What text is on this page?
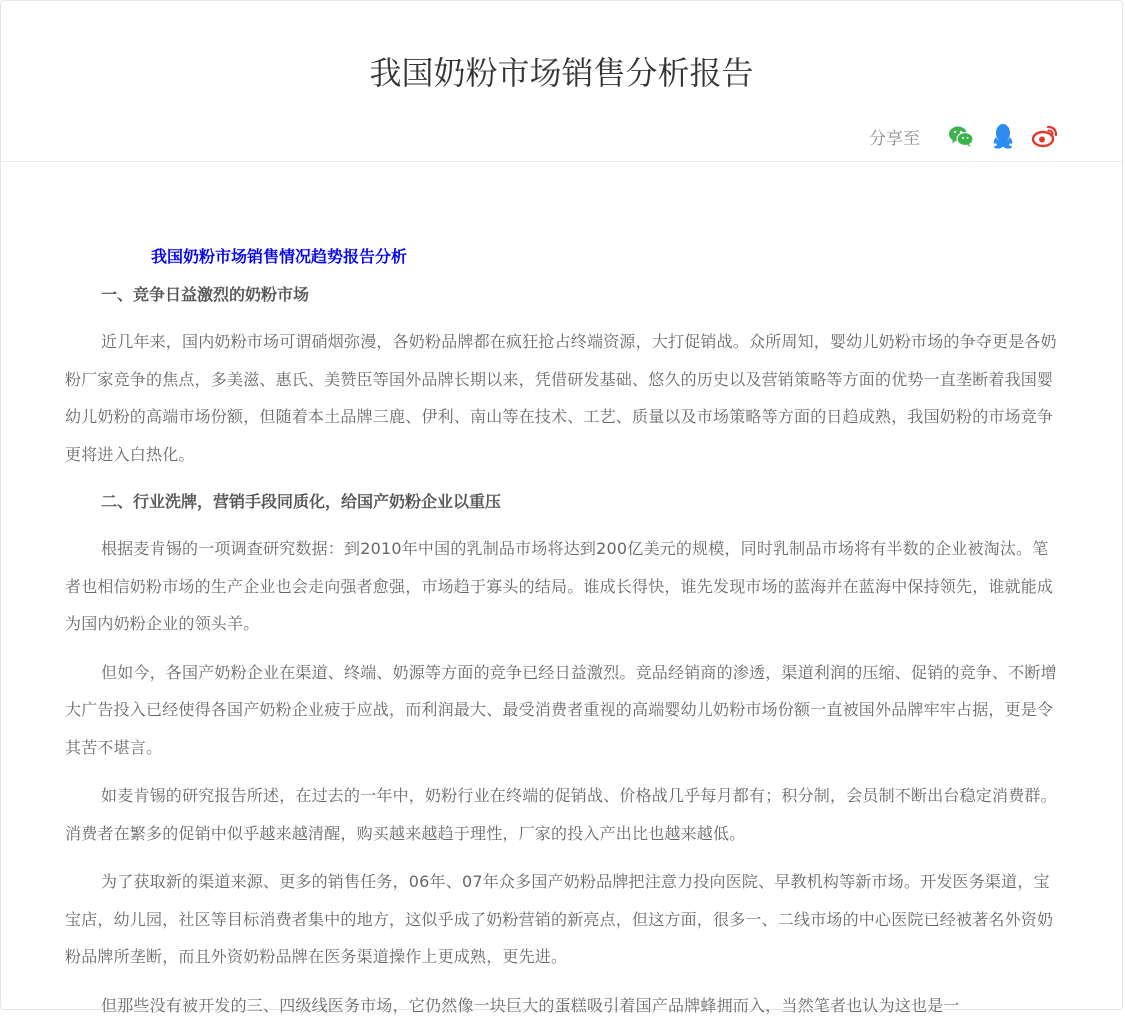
我国奶粉市场销售分析报告
分享至
我国奶粉市场销售情况趋势报告分析
一、竞争日益激烈的奶粉市场

近几年来，国内奶粉市场可谓硝烟弥漫，各奶粉品牌都在疯狂抢占终端资源，大打促销战。众所周知，婴幼儿奶粉市场的争夺更是各奶粉厂家竞争的焦点，多美滋、惠氏、美赞臣等国外品牌长期以来，凭借研发基础、悠久的历史以及营销策略等方面的优势一直垄断着我国婴幼儿奶粉的高端市场份额，但随着本土品牌三鹿、伊利、南山等在技术、工艺、质量以及市场策略等方面的日趋成熟，我国奶粉的市场竞争更将进入白热化。

二、行业洗牌，营销手段同质化，给国产奶粉企业以重压

根据麦肯锡的一项调查研究数据：到2010年中国的乳制品市场将达到200亿美元的规模，同时乳制品市场将有半数的企业被淘汰。笔者也相信奶粉市场的生产企业也会走向强者愈强，市场趋于寡头的结局。谁成长得快，谁先发现市场的蓝海并在蓝海中保持领先，谁就能成为国内奶粉企业的领头羊。

但如今，各国产奶粉企业在渠道、终端、奶源等方面的竞争已经日益激烈。竞品经销商的渗透，渠道利润的压缩、促销的竞争、不断增大广告投入已经使得各国产奶粉企业疲于应战，而利润最大、最受消费者重视的高端婴幼儿奶粉市场份额一直被国外品牌牢牢占据，更是令其苦不堪言。

如麦肯锡的研究报告所述，在过去的一年中，奶粉行业在终端的促销战、价格战几乎每月都有；积分制，会员制不断出台稳定消费群。消费者在繁多的促销中似乎越来越清醒，购买越来越趋于理性，厂家的投入产出比也越来越低。

为了获取新的渠道来源、更多的销售任务，06年、07年众多国产奶粉品牌把注意力投向医院、早教机构等新市场。开发医务渠道，宝宝店，幼儿园，社区等目标消费者集中的地方，这似乎成了奶粉营销的新亮点，但这方面，很多一、二线市场的中心医院已经被著名外资奶粉品牌所垄断，而且外资奶粉品牌在医务渠道操作上更成熟，更先进。

但那些没有被开发的三、四级线医务市场，它仍然像一块巨大的蛋糕吸引着国产品牌蜂拥而入，当然笔者也认为这也是一
